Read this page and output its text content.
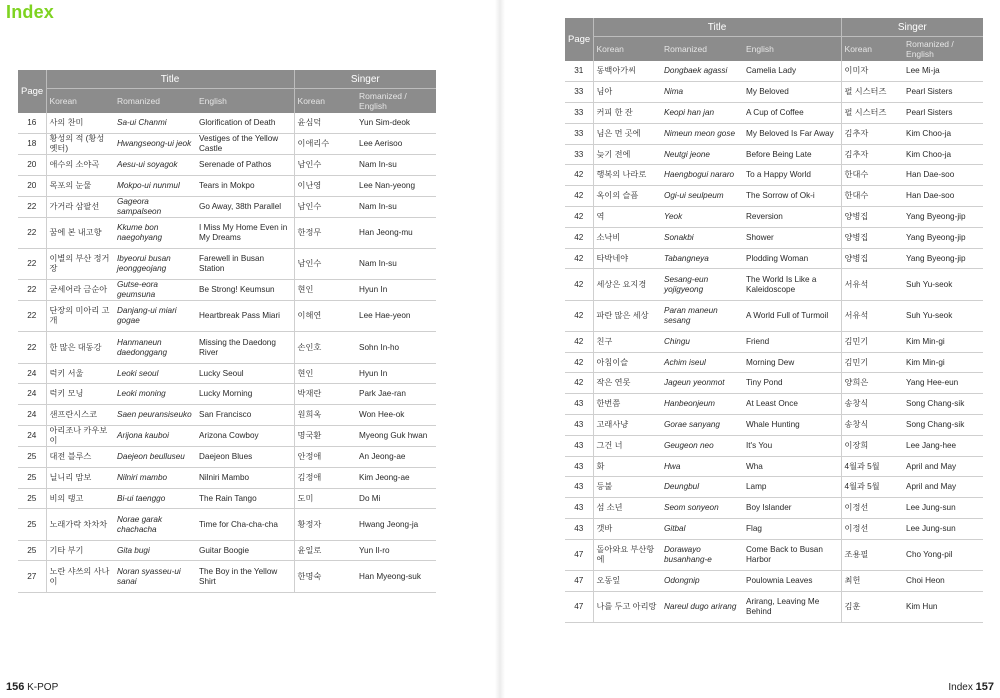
Index
Page	Title			Singer	
	Korean	Romanized	English	Korean	Romanized / English
16	사의 찬미	Sa-ui Chanmi	Glorification of Death	윤심덕	Yun Sim-deok
18	황성의 적 (황성옛터)	Hwangseong-ui jeok	Vestiges of the Yellow Castle	이애리수	Lee Aerisoo
20	애수의 소야곡	Aesu-ui soyagok	Serenade of Pathos	남인수	Nam In-su
20	목포의 눈물	Mokpo-ui nunmul	Tears in Mokpo	이난영	Lee Nan-yeong
22	가거라 삼팔선	Gageora sampalseon	Go Away, 38th Parallel	남인수	Nam In-su
22	꿈에 본 내고향	Kkume bon naegohyang	I Miss My Home Even in My Dreams	한정무	Han Jeong-mu
22	이별의 부산 정거장	Ibyeorui busan jeonggeojang	Farewell in Busan Station	남인수	Nam In-su
22	굳세어라 금순아	Gutse-eora geumsuna	Be Strong! Keumsun	현인	Hyun In
22	단장의 미아리 고개	Danjang-ui miari gogae	Heartbreak Pass Miari	이해연	Lee Hae-yeon
22	한 많은 대동강	Hanmaneun daedonggang	Missing the Daedong River	손인호	Sohn In-ho
24	럭키 서울	Leoki seoul	Lucky Seoul	현인	Hyun In
24	럭키 모닝	Leoki moning	Lucky Morning	박재란	Park Jae-ran
24	샌프란시스코	Saen peuransiseuko	San Francisco	원희옥	Won Hee-ok
24	아리조나 카우보이	Arijona kauboi	Arizona Cowboy	명국환	Myeong Guk hwan
25	대전 블루스	Daejeon beulluseu	Daejeon Blues	안정애	An Jeong-ae
25	닐니리 맘보	Nilniri mambo	Nilniri Mambo	김정애	Kim Jeong-ae
25	비의 탱고	Bi-ui taenggo	The Rain Tango	도미	Do Mi
25	노래가락 차차차	Norae garak chachacha	Time for Cha-cha-cha	황정자	Hwang Jeong-ja
25	기타 부기	Gita bugi	Guitar Boogie	윤일로	Yun Il-ro
27	노란 샤쓰의 사나이	Noran syasseu-ui sanai	The Boy in the Yellow Shirt	한명숙	Han Myeong-suk
156 K-POP
Page	Title			Singer	
	Korean	Romanized	English	Korean	Romanized / English
31	동백아가씨	Dongbaek agassi	Camelia Lady	이미자	Lee Mi-ja
33	님아	Nima	My Beloved	펄 시스터즈	Pearl Sisters
33	커피 한 잔	Keopi han jan	A Cup of Coffee	펄 시스터즈	Pearl Sisters
33	님은 먼 곳에	Nimeun meon gose	My Beloved Is Far Away	김추자	Kim Choo-ja
33	늦기 전에	Neutgi jeone	Before Being Late	김추자	Kim Choo-ja
42	행복의 나라로	Haengbogui nararo	To a Happy World	한대수	Han Dae-soo
42	옥이의 슬픔	Ogi-ui seulpeum	The Sorrow of Ok-i	한대수	Han Dae-soo
42	역	Yeok	Reversion	양병집	Yang Byeong-jip
42	소낙비	Sonakbi	Shower	양병집	Yang Byeong-jip
42	타박네야	Tabangneya	Plodding Woman	양병집	Yang Byeong-jip
42	세상은 요지경	Sesang-eun yojigyeong	The World Is Like a Kaleidoscope	서유석	Suh Yu-seok
42	파란 많은 세상	Paran maneun sesang	A World Full of Turmoil	서유석	Suh Yu-seok
42	친구	Chingu	Friend	김민기	Kim Min-gi
42	아침이슬	Achim iseul	Morning Dew	김민기	Kim Min-gi
42	작은 연못	Jageun yeonmot	Tiny Pond	양희은	Yang Hee-eun
43	한번쯤	Hanbeonjeum	At Least Once	송창식	Song Chang-sik
43	고래사냥	Gorae sanyang	Whale Hunting	송창식	Song Chang-sik
43	그건 너	Geugeon neo	It's You	이장희	Lee Jang-hee
43	화	Hwa	Wha	4월과 5월	April and May
43	등불	Deungbul	Lamp	4월과 5월	April and May
43	섬 소년	Seom sonyeon	Boy Islander	이정선	Lee Jung-sun
43	갯바	Gitbal	Flag	이정선	Lee Jung-sun
47	돌아와요 부산항에	Dorawayo busanhang-e	Come Back to Busan Harbor	조용필	Cho Yong-pil
47	오동잎	Odongnip	Poulownia Leaves	최헌	Choi Heon
47	나를 두고 아리랑	Nareul dugo arirang	Arirang, Leaving Me Behind	김훈	Kim Hun
Index 157
